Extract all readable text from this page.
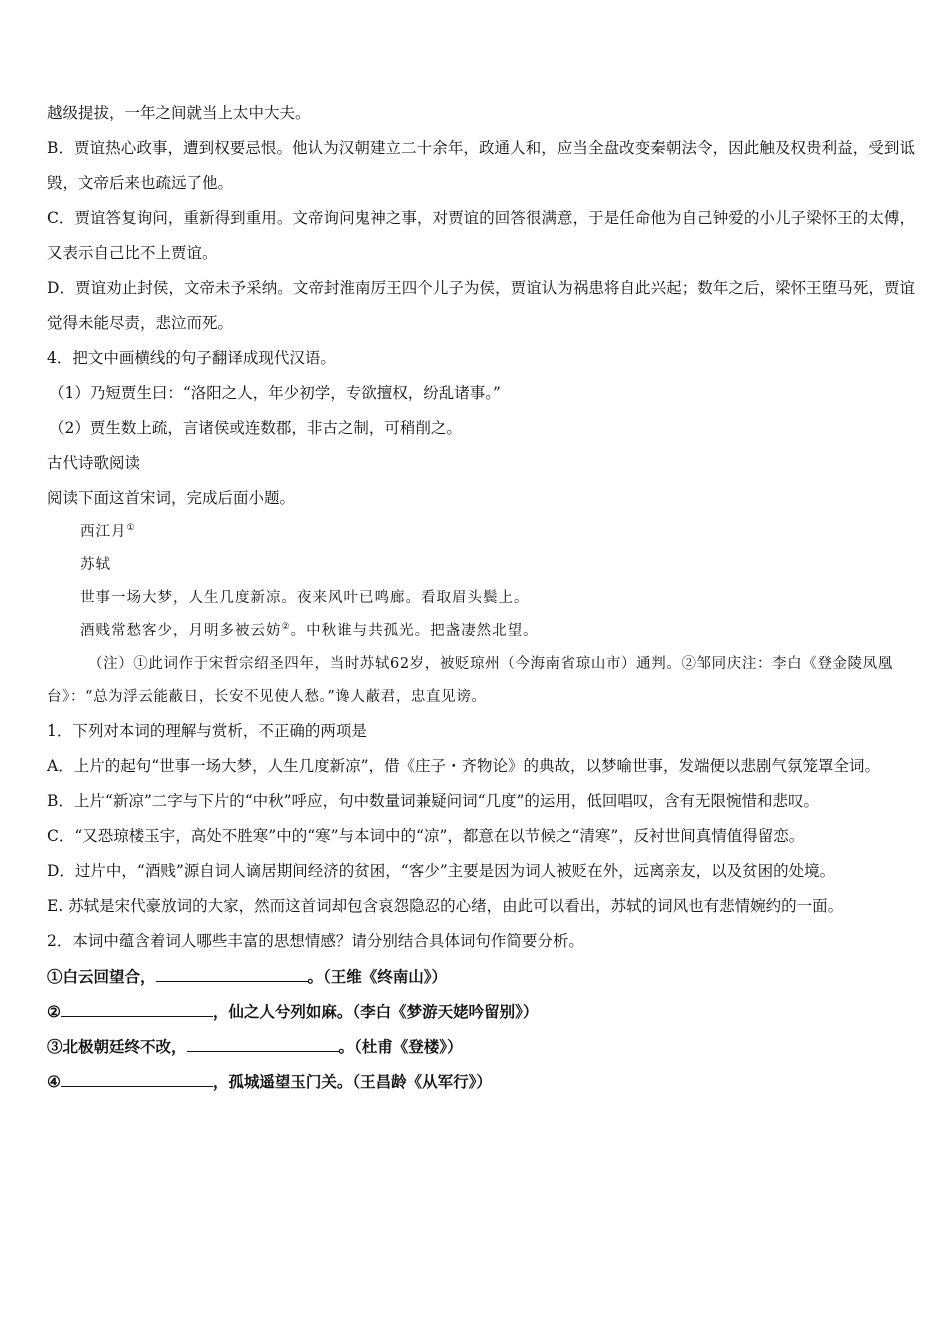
越级提拔，一年之间就当上太中大夫。
B．贾谊热心政事，遭到权要忌恨。他认为汉朝建立二十余年，政通人和，应当全盘改变秦朝法令，因此触及权贵利益，受到诋毁，文帝后来也疏远了他。
C．贾谊答复询问，重新得到重用。文帝询问鬼神之事，对贾谊的回答很满意，于是任命他为自己钟爱的小儿子梁怀王的太傅，又表示自己比不上贾谊。
D．贾谊劝止封侯，文帝未予采纳。文帝封淮南厉王四个儿子为侯，贾谊认为祸患将自此兴起；数年之后，梁怀王堕马死，贾谊觉得未能尽责，悲泣而死。
4．把文中画横线的句子翻译成现代汉语。
（1）乃短贾生曰：“洛阳之人，年少初学，专欲擅权，纷乱诸事。”
（2）贾生数上疏，言诸侯或连数郡，非古之制，可稍削之。
古代诗歌阅读
阅读下面这首宋词，完成后面小题。
西江月①
苏轼
世事一场大梦，人生几度新凉。夜来风叶已鸣廊。看取眉头鬓上。
酒贱常愁客少，月明多被云妨②。中秋谁与共孤光。把盏凄然北望。
（注）①此词作于宋哲宗绍圣四年，当时苏轼62岁，被贬琼州（今海南省琼山市）通判。②邹同庆注：李白《登金陵凤凰台》：“总为浮云能蔽日，长安不见使人愁。”谗人蔽君，忠直见谤。
1．下列对本词的理解与赏析，不正确的两项是
A．上片的起句“世事一场大梦，人生几度新凉”，借《庄子・齐物论》的典故，以梦喻世事，发端便以悲剧气氛笼罩全词。
B．上片“新凉”二字与下片的“中秋”呼应，句中数量词兼疑问词“几度”的运用，低回唱叹，含有无限惋惜和悲叹。
C．“又恐琼楼玉宇，高处不胜寒”中的“寒”与本词中的“凉”，都意在以节候之“清寒”，反衬世间真情值得留恋。
D．过片中，“酒贱”源自词人谪居期间经济的贫困，“客少”主要是因为词人被贬在外，远离亲友，以及贫困的处境。
E. 苏轼是宋代豪放词的大家，然而这首词却包含哀怨隐忍的心绪，由此可以看出，苏轼的词风也有悲情婉约的一面。
2．本词中蕴含着词人哪些丰富的思想情感？请分别结合具体词句作简要分析。
①白云回望合，	。（王维《终南山》）
②	，仙之人兮列如麻。（李白《梦游天姥吟留别》）
③北极朝廷终不改，	。（杜甫《登楼》）
④	，孤城遥望玉门关。（王昌龄《从军行》）
